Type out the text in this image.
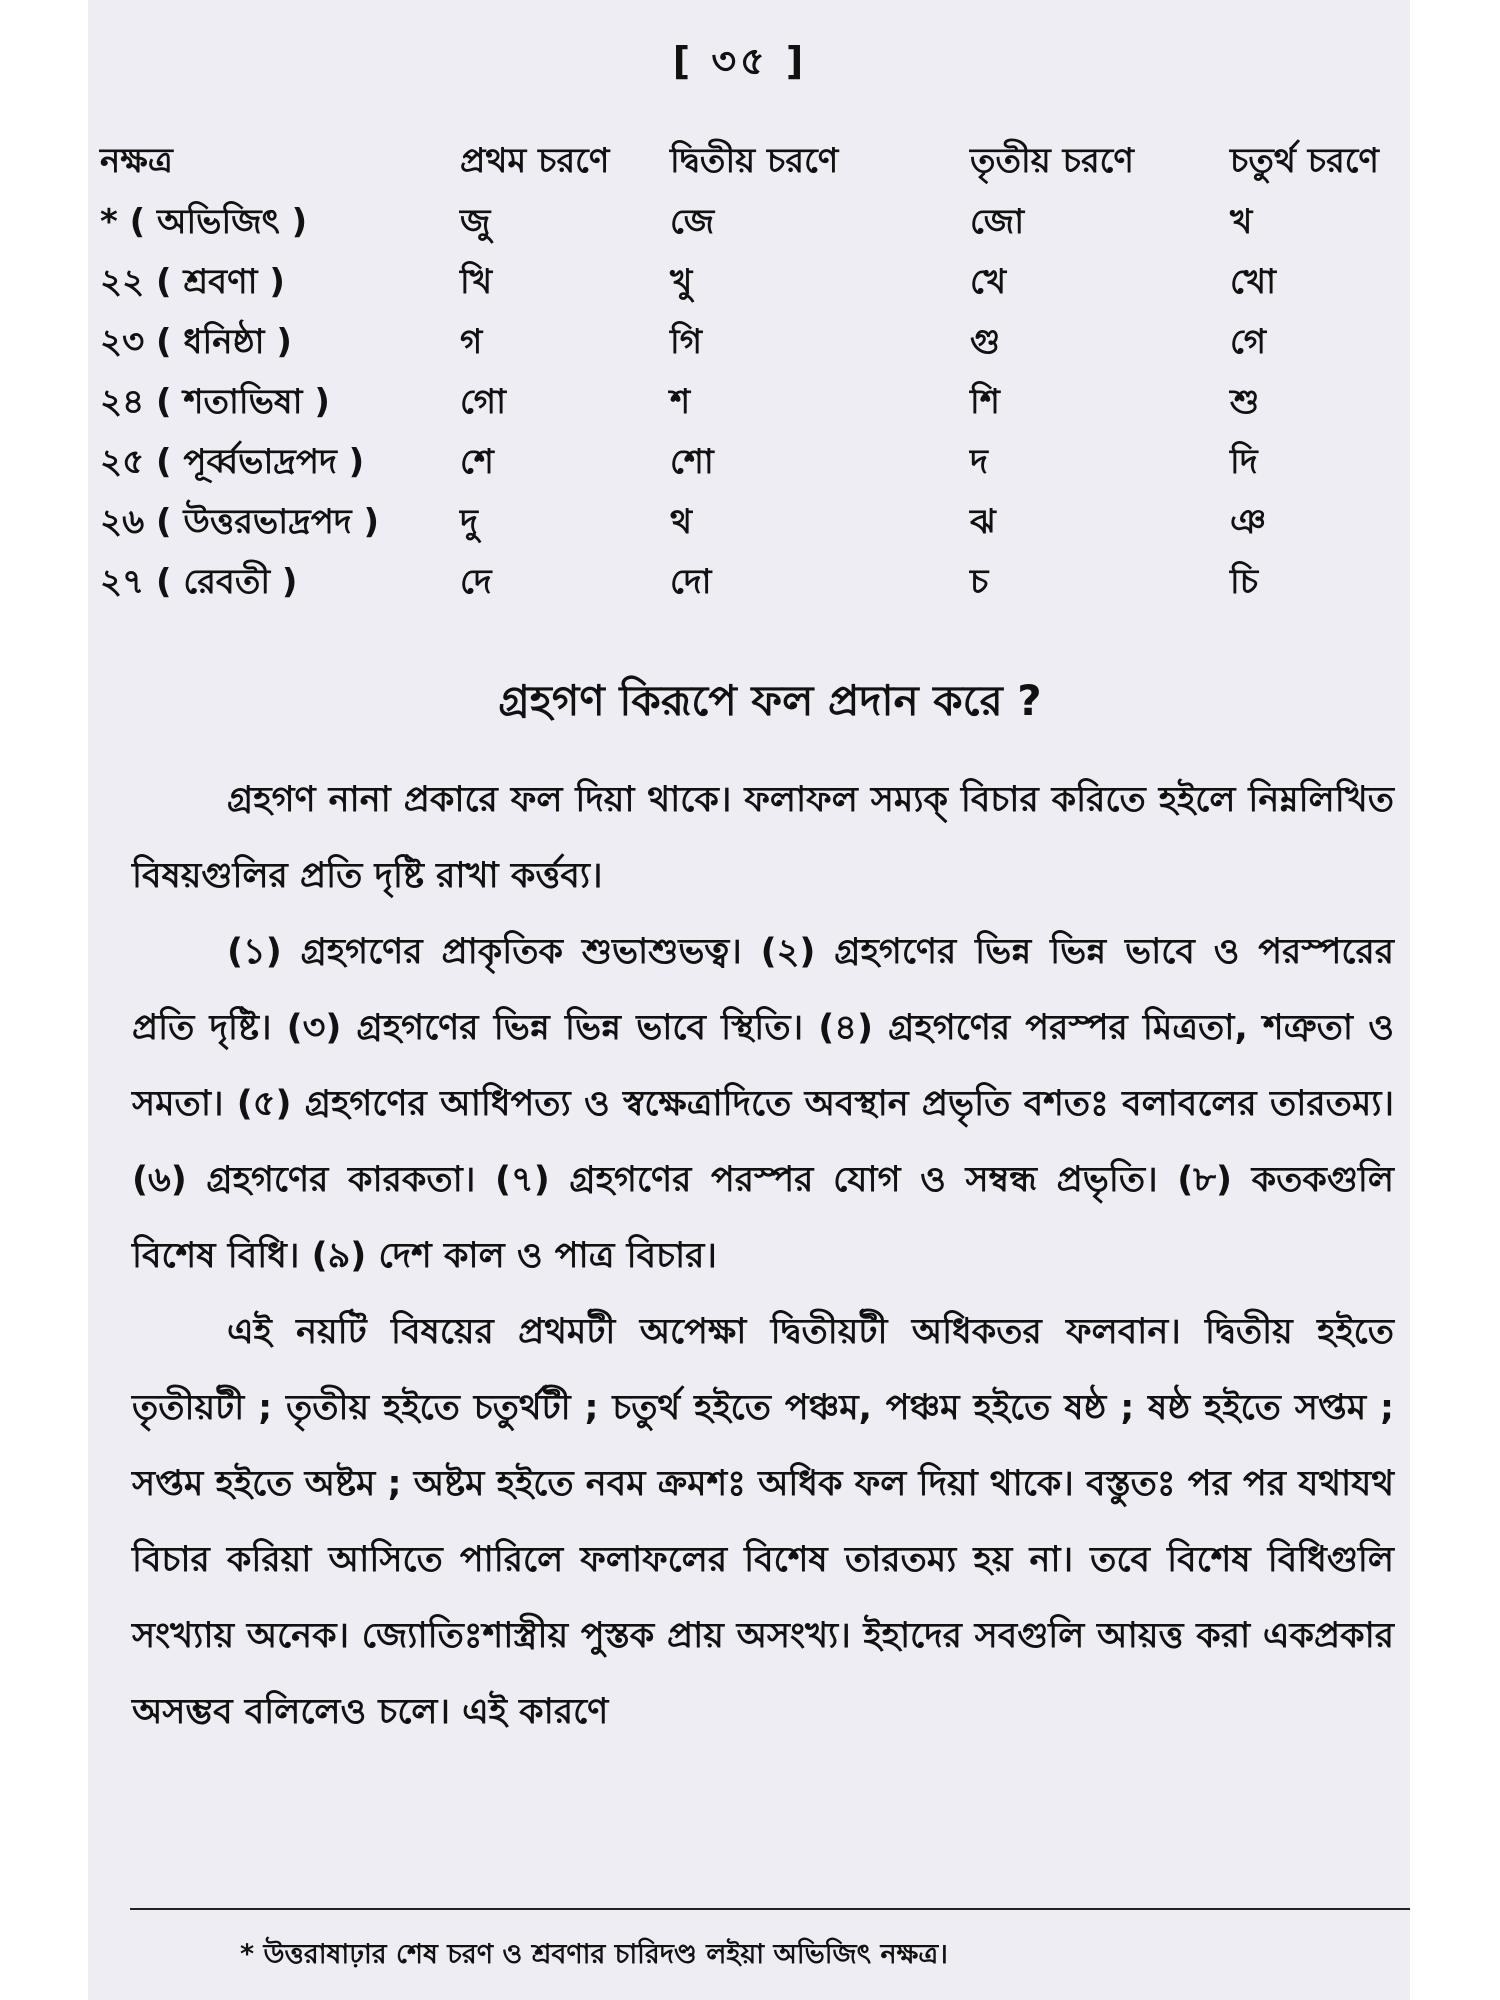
[ ৩৫ ]
নক্ষত্র	প্রথম চরণে	দ্বিতীয় চরণে	তৃতীয় চরণে	চতুর্থ চরণে
* ( অভিজিৎ )	জু	জে	জো	খ
২২ ( শ্রবণা )	খি	খু	খে	খো
২৩ ( ধনিষ্ঠা )	গ	গি	গু	গে
২৪ ( শতাভিষা )	গো	শ	শি	শু
২৫ ( পূর্ব্বভাদ্রপদ )	শে	শো	দ	দি
২৬ ( উত্তরভাদ্রপদ )	দু	থ	ঝ	ঞ
২৭ ( রেবতী )	দে	দো	চ	চি
গ্রহগণ কিরূপে ফল প্রদান করে ?

গ্রহগণ নানা প্রকারে ফল দিয়া থাকে। ফলাফল সম্যক্ বিচার করিতে হইলে নিম্নলিখিত বিষয়গুলির প্রতি দৃষ্টি রাখা কর্ত্তব্য।

(১) গ্রহগণের প্রাকৃতিক শুভাশুভত্ব। (২) গ্রহগণের ভিন্ন ভিন্ন ভাবে ও পরস্পরের প্রতি দৃষ্টি। (৩) গ্রহগণের ভিন্ন ভিন্ন ভাবে স্থিতি। (৪) গ্রহগণের পরস্পর মিত্রতা, শত্রুতা ও সমতা। (৫) গ্রহগণের আধিপত্য ও স্বক্ষেত্রাদিতে অবস্থান প্রভৃতি বশতঃ বলাবলের তারতম্য। (৬) গ্রহগণের কারকতা। (৭) গ্রহগণের পরস্পর যোগ ও সম্বন্ধ প্রভৃতি। (৮) কতকগুলি বিশেষ বিধি। (৯) দেশ কাল ও পাত্র বিচার।

এই নয়টি বিষয়ের প্রথমটী অপেক্ষা দ্বিতীয়টী অধিকতর ফলবান। দ্বিতীয় হইতে তৃতীয়টী ; তৃতীয় হইতে চতুর্থটী ; চতুর্থ হইতে পঞ্চম, পঞ্চম হইতে ষষ্ঠ ; ষষ্ঠ হইতে সপ্তম ; সপ্তম হইতে অষ্টম ; অষ্টম হইতে নবম ক্রমশঃ অধিক ফল দিয়া থাকে। বস্তুতঃ পর পর যথাযথ বিচার করিয়া আসিতে পারিলে ফলাফলের বিশেষ তারতম্য হয় না। তবে বিশেষ বিধিগুলি সংখ্যায় অনেক। জ্যোতিঃশাস্ত্রীয় পুস্তক প্রায় অসংখ্য। ইহাদের সবগুলি আয়ত্ত করা একপ্রকার অসম্ভব বলিলেও চলে। এই কারণে

* উত্তরাষাঢ়ার শেষ চরণ ও শ্রবণার চারিদণ্ড লইয়া অভিজিৎ নক্ষত্র।
